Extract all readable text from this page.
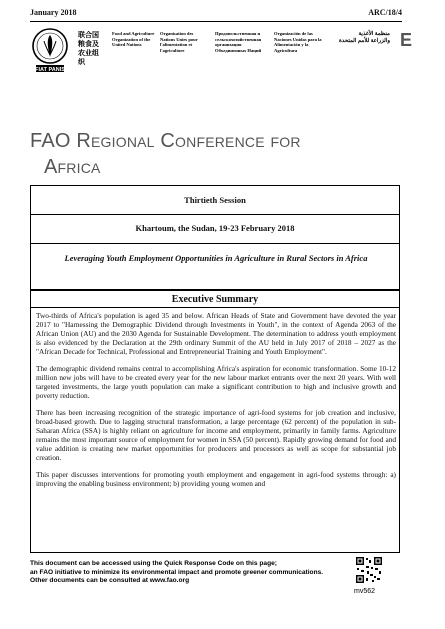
January 2018	ARC/18/4
E
FIAT PANIS
联合国粮食及农业组织
Food and Agriculture Organization of the United Nations
Organisation des Nations Unies pour l'alimentation et l'agriculture
Продовольственная и сельскохозяйственная организация Объединенных Наций
Organización de las Naciones Unidas para la Alimentación y la Agricultura
منظمة الأغذية والزراعة للأمم المتحدة
FAO Regional Conference for
Africa
Thirtieth Session
Khartoum, the Sudan, 19-23 February 2018
Leveraging Youth Employment Opportunities in Agriculture in Rural Sectors in Africa
Executive Summary

Two-thirds of Africa's population is aged 35 and below. African Heads of State and Government have devoted the year 2017 to "Harnessing the Demographic Dividend through Investments in Youth", in the context of Agenda 2063 of the African Union (AU) and the 2030 Agenda for Sustainable Development. The determination to address youth employment is also evidenced by the Declaration at the 29th ordinary Summit of the AU held in July 2017 of 2018 – 2027 as the "African Decade for Technical, Professional and Entrepreneurial Training and Youth Employment".

The demographic dividend remains central to accomplishing Africa's aspiration for economic transformation. Some 10-12 million new jobs will have to be created every year for the new labour market entrants over the next 20 years. With well targeted investments, the large youth population can make a significant contribution to high and inclusive growth and poverty reduction.

There has been increasing recognition of the strategic importance of agri-food systems for job creation and inclusive, broad-based growth. Due to lagging structural transformation, a large percentage (62 percent) of the population in sub-Saharan Africa (SSA) is highly reliant on agriculture for income and employment, primarily in family farms. Agriculture remains the most important source of employment for women in SSA (50 percent). Rapidly growing demand for food and value addition is creating new market opportunities for producers and processors as well as scope for substantial job creation.

This paper discusses interventions for promoting youth employment and engagement in agri-food systems through: a) improving the enabling business environment; b) providing young women and

This document can be accessed using the Quick Response Code on this page;
an FAO initiative to minimize its environmental impact and promote greener communications.
Other documents can be consulted at www.fao.org
mv562
